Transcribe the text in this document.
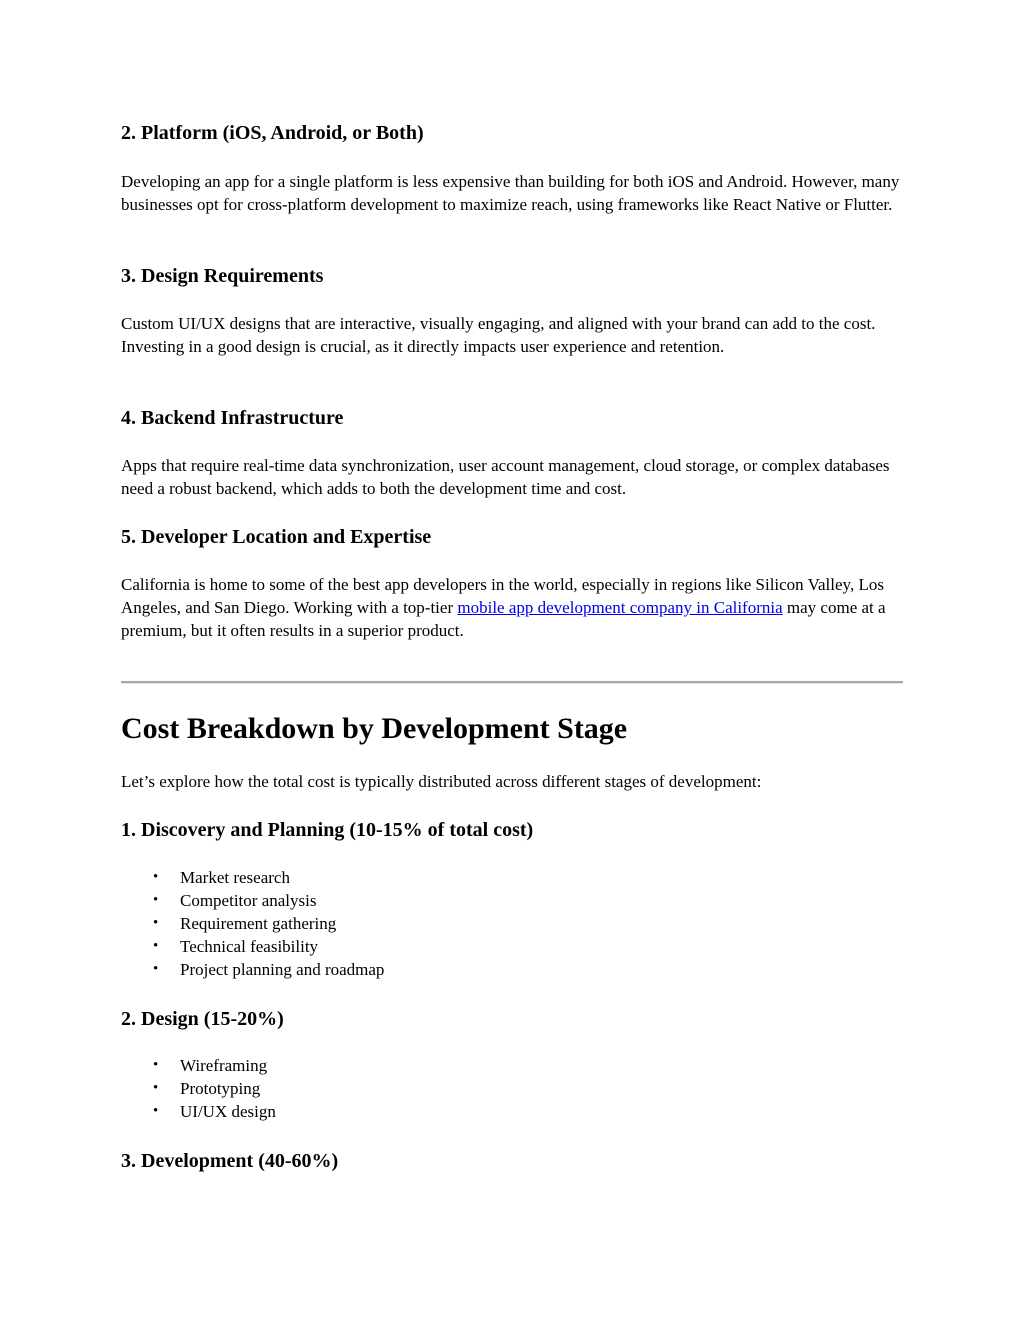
2. Platform (iOS, Android, or Both)

Developing an app for a single platform is less expensive than building for both iOS and Android. However, many businesses opt for cross-platform development to maximize reach, using frameworks like React Native or Flutter.

3. Design Requirements

Custom UI/UX designs that are interactive, visually engaging, and aligned with your brand can add to the cost. Investing in a good design is crucial, as it directly impacts user experience and retention.

4. Backend Infrastructure

Apps that require real-time data synchronization, user account management, cloud storage, or complex databases need a robust backend, which adds to both the development time and cost.

5. Developer Location and Expertise

California is home to some of the best app developers in the world, especially in regions like Silicon Valley, Los Angeles, and San Diego. Working with a top-tier mobile app development company in California may come at a premium, but it often results in a superior product.

Cost Breakdown by Development Stage

Let’s explore how the total cost is typically distributed across different stages of development:

1. Discovery and Planning (10-15% of total cost)
• Market research
• Competitor analysis
• Requirement gathering
• Technical feasibility
• Project planning and roadmap
2. Design (15-20%)
• Wireframing
• Prototyping
• UI/UX design
3. Development (40-60%)
